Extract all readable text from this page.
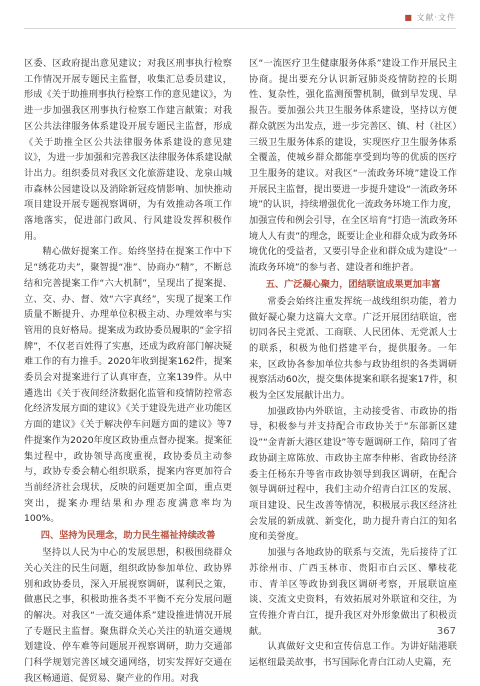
■ 文献·文件

区委、区政府提出意见建议；对我区刑事执行检察工作情况开展专题民主监督，收集汇总委员建议，形成《关于助推刑事执行检察工作的意见建议》，为进一步加强我区刑事执行检察工作建言献策；对我区公共法律服务体系建设开展专题民主监督，形成《关于助推全区公共法律服务体系建设的意见建议》，为进一步加强和完善我区法律服务体系建设献计出力。组织委员对我区文化旅游建设、龙泉山城市森林公园建设以及消除新冠疫情影响、加快推动项目建设开展专题视察调研，为有效推动各项工作落地落实，促进部门政风、行风建设发挥积极作用。

精心做好提案工作。始终坚持在提案工作中下足“绣花功夫”，聚智提“准”、协商办“精”，不断总结和完善提案工作“六大机制”，呈现出了提案提、立、交、办、督、效“六字真经”，实现了提案工作质量不断提升、办理单位积极主动、办理效率与实管用的良好格局。提案成为政协委员履职的“金字招牌”，不仅老百姓得了实惠，还成为政府部门解决疑难工作的有力推手。2020年收到提案162件，提案委员会对提案进行了认真审查，立案139件。从中遴选出《关于夜间经济数据化监管和疫情防控常态化经济发展方面的建议》《关于建设先进产业功能区方面的建议》《关于解决停车问题方面的建议》等7件提案作为2020年度区政协重点督办提案。提案征集过程中，政协领导高度重视，政协委员主动参与，政协专委会精心组织联系，提案内容更加符合当前经济社会现状，反映的问题更加全面，重点更突出，提案办理结果和办理态度满意率均为100%。

四、坚持为民理念，助力民生福祉持续改善

坚持以人民为中心的发展思想，积极围绕群众关心关注的民生问题，组织政协参加单位、政协界别和政协委员，深入开展视察调研，谋利民之策，做惠民之事，积极助推各类不平衡不充分发展问题的解决。对我区“一流交通体系”建设推进情况开展了专题民主监督。聚焦群众关心关注的轨道交通规划建设、停车难等问题展开视察调研，助力交通部门科学规划完善区域交通网络，切实发挥好交通在我区畅通道、促贸易、聚产业的作用。对我

区“一流医疗卫生健康服务体系”建设工作开展民主协商。提出要充分认识新冠肺炎疫情防控的长期性、复杂性，强化监测预警机制，做到早发现、早报告。要加强公共卫生服务体系建设，坚持以方便群众就医为出发点，进一步完善区、镇、村（社区）三级卫生服务体系的建设，实现医疗卫生服务体系全覆盖，使城乡群众都能享受到均等的优质的医疗卫生服务的建议。对我区“一流政务环境”建设工作开展民主监督，提出要进一步提升建设“一流政务环境”的认识，持续增强优化一流政务环境工作力度，加强宣传和例会引导，在全区培育“打造一流政务环境人人有责”的理念，既要让企业和群众成为政务环境优化的受益者，又要引导企业和群众成为建设“一流政务环境”的参与者、建设者和维护者。

五、广泛凝心聚力，团结联谊成果更加丰富

常委会始终注重发挥统一战线组织功能，着力做好凝心聚力这篇大文章。广泛开展团结联谊，密切同各民主党派、工商联、人民团体、无党派人士的联系，积极为他们搭建平台，提供服务。一年来，区政协各参加单位共参与政协组织的各类调研视察活动60次，提交集体提案和联名提案17件，积极为全区发展献计出力。

加强政协内外联谊，主动接受省、市政协的指导，积极参与并支持配合市政协关于“东部新区建设”“金青新大港区建设”等专题调研工作，陪同了省政协副主席陈放、市政协主席李仲彬、省政协经济委主任杨东升等省市政协领导到我区调研，在配合领导调研过程中，我们主动介绍青白江区的发展、项目建设、民生改善等情况，积极展示我区经济社会发展的新成就、新变化，助力提升青白江的知名度和美誉度。

加强与各地政协的联系与交流，先后接待了江苏徐州市、广西玉林市、贵阳市白云区、攀枝花市、青羊区等政协到我区调研考察，开展联谊座谈、交流文史资料，有效拓展对外联谊和交往，为宣传推介青白江，提升我区对外形象做出了积极贡献。

认真做好文史和宣传信息工作。为讲好陆港联运枢纽最美故事，书写国际化青白江动人史篇，充

367
